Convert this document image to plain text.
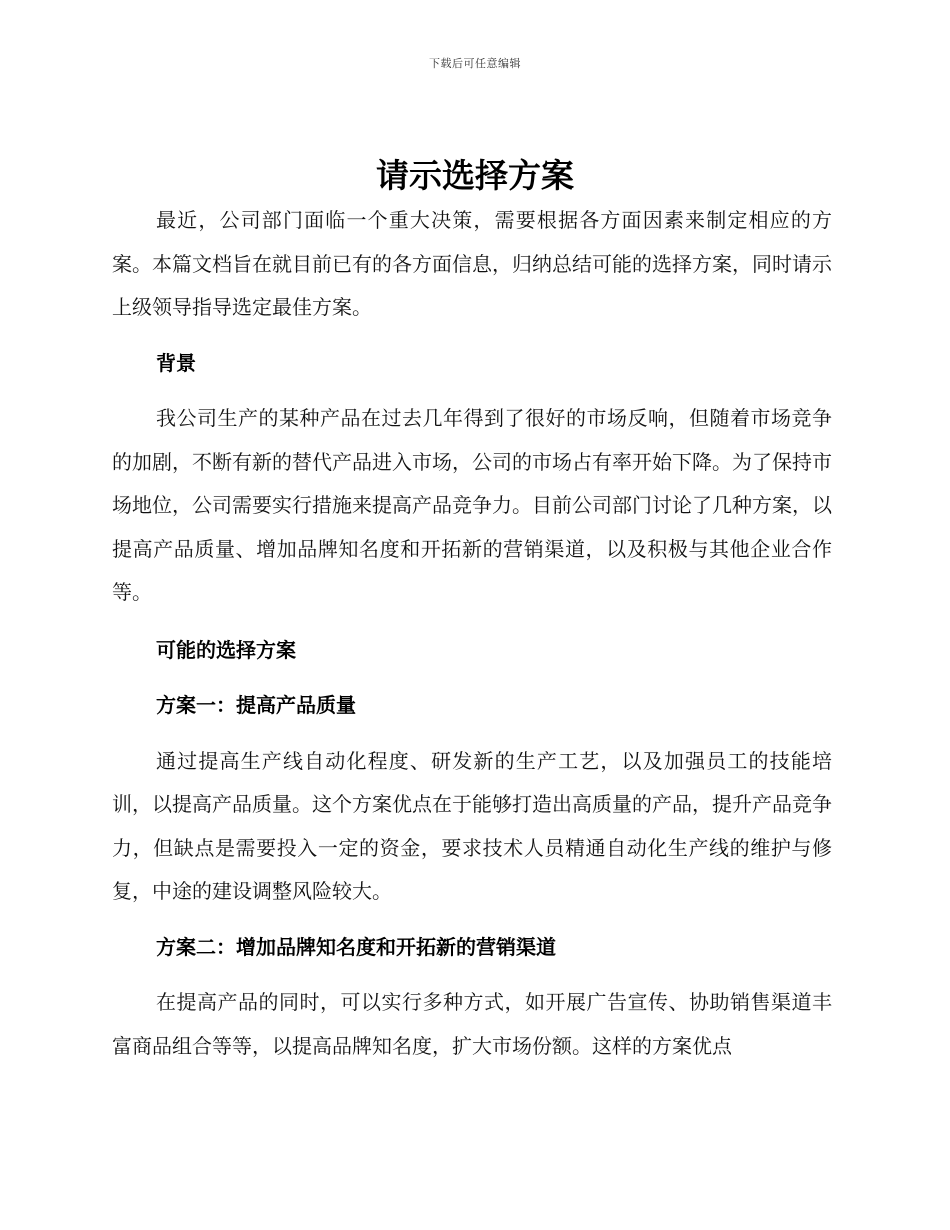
下载后可任意编辑
请示选择方案

最近，公司部门面临一个重大决策，需要根据各方面因素来制定相应的方案。本篇文档旨在就目前已有的各方面信息，归纳总结可能的选择方案，同时请示上级领导指导选定最佳方案。

背景

我公司生产的某种产品在过去几年得到了很好的市场反响，但随着市场竞争的加剧，不断有新的替代产品进入市场，公司的市场占有率开始下降。为了保持市场地位，公司需要实行措施来提高产品竞争力。目前公司部门讨论了几种方案，以提高产品质量、增加品牌知名度和开拓新的营销渠道，以及积极与其他企业合作等。

可能的选择方案

方案一：提高产品质量

通过提高生产线自动化程度、研发新的生产工艺，以及加强员工的技能培训，以提高产品质量。这个方案优点在于能够打造出高质量的产品，提升产品竞争力，但缺点是需要投入一定的资金，要求技术人员精通自动化生产线的维护与修复，中途的建设调整风险较大。

方案二：增加品牌知名度和开拓新的营销渠道

在提高产品的同时，可以实行多种方式，如开展广告宣传、协助销售渠道丰富商品组合等等，以提高品牌知名度，扩大市场份额。这样的方案优点
